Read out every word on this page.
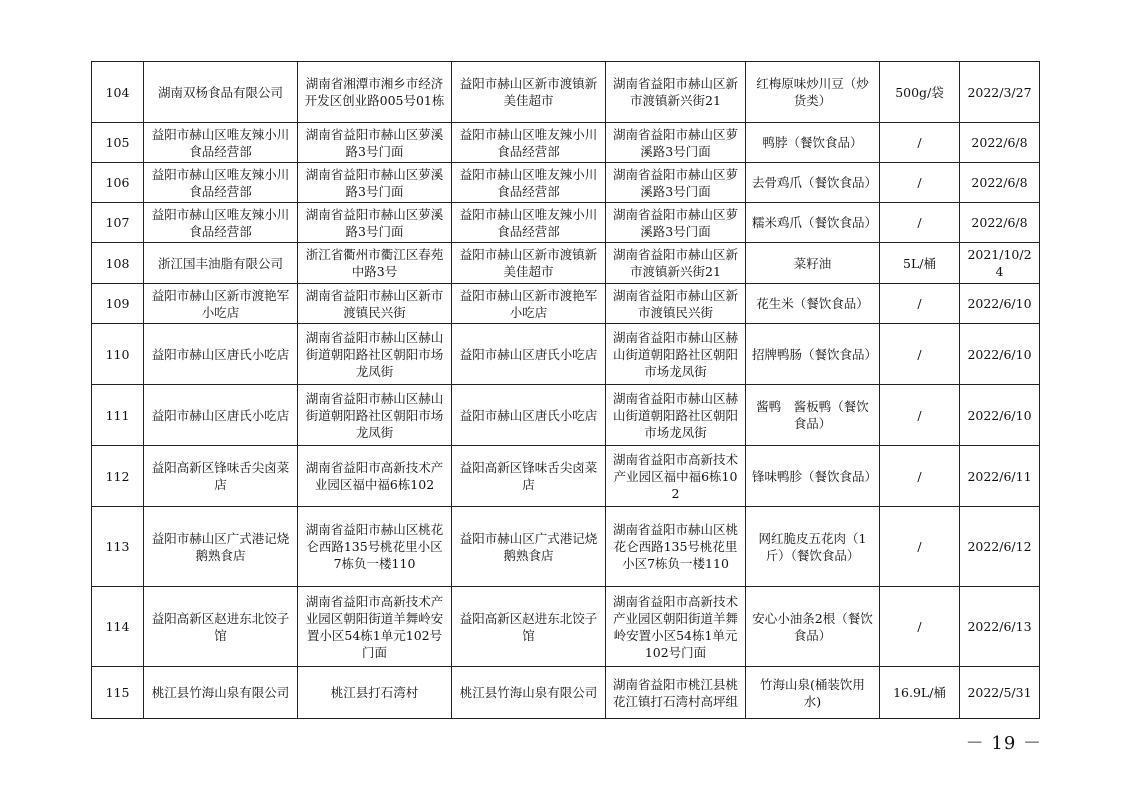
104	湖南双杨食品有限公司	湖南省湘潭市湘乡市经济开发区创业路005号01栋	益阳市赫山区新市渡镇新美佳超市	湖南省益阳市赫山区新市渡镇新兴街21	红梅原味炒川豆（炒货类）	500g/袋	2022/3/27
105	益阳市赫山区唯友辣小川食品经营部	湖南省益阳市赫山区萝溪路3号门面	益阳市赫山区唯友辣小川食品经营部	湖南省益阳市赫山区萝溪路3号门面	鸭脖（餐饮食品）	/	2022/6/8
106	益阳市赫山区唯友辣小川食品经营部	湖南省益阳市赫山区萝溪路3号门面	益阳市赫山区唯友辣小川食品经营部	湖南省益阳市赫山区萝溪路3号门面	去骨鸡爪（餐饮食品）	/	2022/6/8
107	益阳市赫山区唯友辣小川食品经营部	湖南省益阳市赫山区萝溪路3号门面	益阳市赫山区唯友辣小川食品经营部	湖南省益阳市赫山区萝溪路3号门面	糯米鸡爪（餐饮食品）	/	2022/6/8
108	浙江国丰油脂有限公司	浙江省衢州市衢江区春苑中路3号	益阳市赫山区新市渡镇新美佳超市	湖南省益阳市赫山区新市渡镇新兴街21	菜籽油	5L/桶	2021/10/24
109	益阳市赫山区新市渡艳军小吃店	湖南省益阳市赫山区新市渡镇民兴街	益阳市赫山区新市渡艳军小吃店	湖南省益阳市赫山区新市渡镇民兴街	花生米（餐饮食品）	/	2022/6/10
110	益阳市赫山区唐氏小吃店	湖南省益阳市赫山区赫山街道朝阳路社区朝阳市场龙凤街	益阳市赫山区唐氏小吃店	湖南省益阳市赫山区赫山街道朝阳路社区朝阳市场龙凤街	招牌鸭肠（餐饮食品）	/	2022/6/10
111	益阳市赫山区唐氏小吃店	湖南省益阳市赫山区赫山街道朝阳路社区朝阳市场龙凤街	益阳市赫山区唐氏小吃店	湖南省益阳市赫山区赫山街道朝阳路社区朝阳市场龙凤街	酱鸭　酱板鸭（餐饮食品）	/	2022/6/10
112	益阳高新区锋味舌尖卤菜店	湖南省益阳市高新技术产业园区福中福6栋102	益阳高新区锋味舌尖卤菜店	湖南省益阳市高新技术产业园区福中福6栋102	锋味鸭胗（餐饮食品）	/	2022/6/11
113	益阳市赫山区广式港记烧鹅熟食店	湖南省益阳市赫山区桃花仑西路135号桃花里小区7栋负一楼110	益阳市赫山区广式港记烧鹅熟食店	湖南省益阳市赫山区桃花仑西路135号桃花里小区7栋负一楼110	网红脆皮五花肉（1斤）（餐饮食品）	/	2022/6/12
114	益阳高新区赵进东北饺子馆	湖南省益阳市高新技术产业园区朝阳街道羊舞岭安置小区54栋1单元102号门面	益阳高新区赵进东北饺子馆	湖南省益阳市高新技术产业园区朝阳街道羊舞岭安置小区54栋1单元102号门面	安心小油条2根（餐饮食品）	/	2022/6/13
115	桃江县竹海山泉有限公司	桃江县打石湾村	桃江县竹海山泉有限公司	湖南省益阳市桃江县桃花江镇打石湾村高坪组	竹海山泉(桶装饮用水)	16.9L/桶	2022/5/31
－ 19 －
